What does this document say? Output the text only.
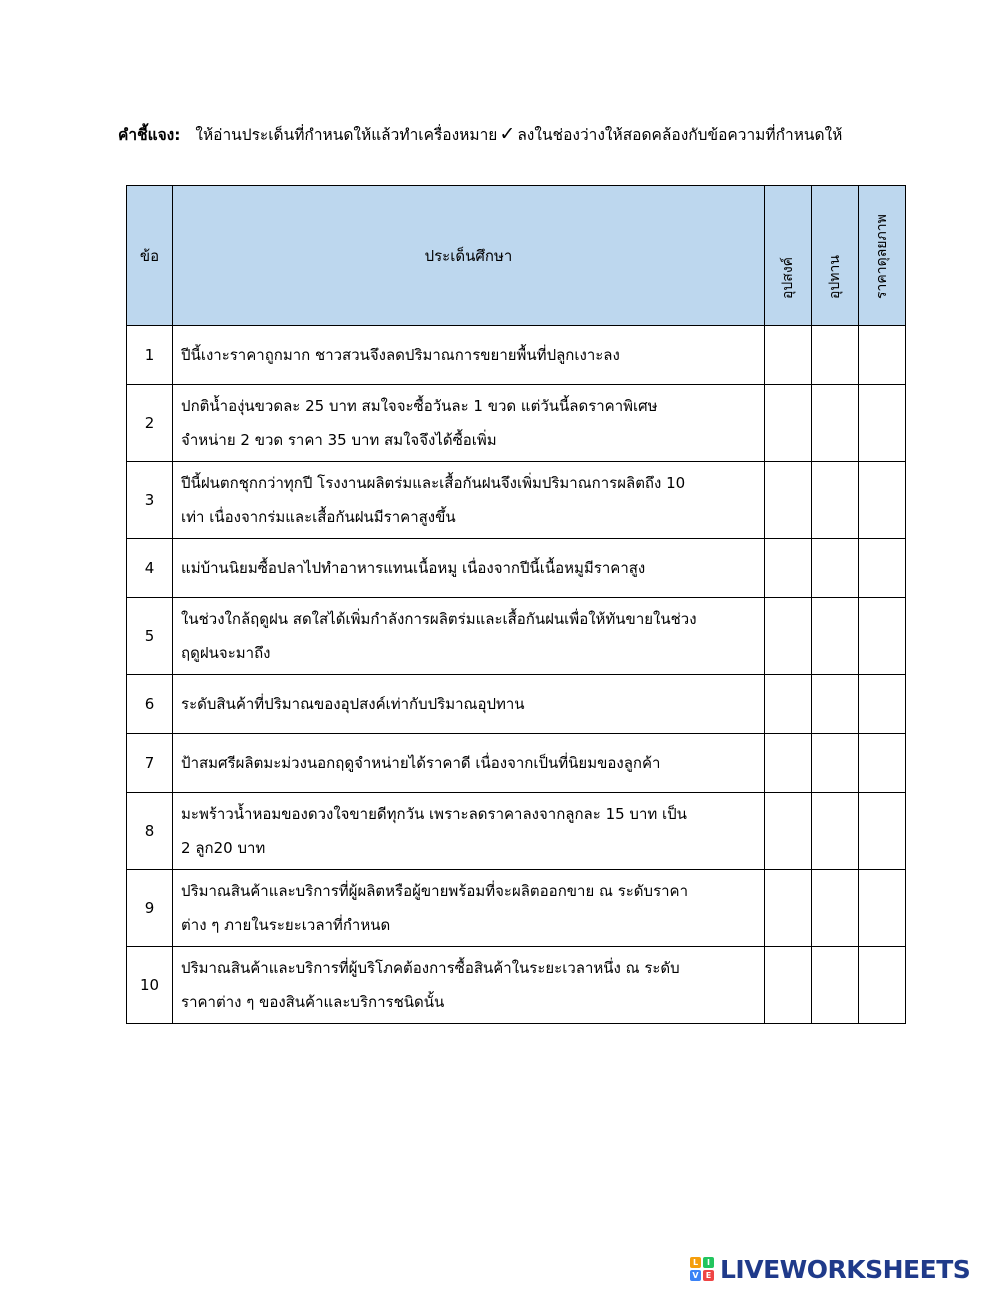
คำชี้แจง: ให้อ่านประเด็นที่กำหนดให้แล้วทำเครื่องหมาย ✓ ลงในช่องว่างให้สอดคล้องกับข้อความที่กำหนดให้
ข้อ	ประเด็นศึกษา	อุปสงค์	อุปทาน	ราคาดุลยภาพ

1	ปีนี้เงาะราคาถูกมาก ชาวสวนจึงลดปริมาณการขยายพื้นที่ปลูกเงาะลง			

2	ปกติน้ำองุ่นขวดละ 25 บาท สมใจจะซื้อวันละ 1 ขวด แต่วันนี้ลดราคาพิเศษ
จำหน่าย 2 ขวด ราคา 35 บาท สมใจจึงได้ซื้อเพิ่ม			

3	ปีนี้ฝนตกชุกกว่าทุกปี โรงงานผลิตร่มและเสื้อกันฝนจึงเพิ่มปริมาณการผลิตถึง 10
เท่า เนื่องจากร่มและเสื้อกันฝนมีราคาสูงขึ้น			

4	แม่บ้านนิยมซื้อปลาไปทำอาหารแทนเนื้อหมู เนื่องจากปีนี้เนื้อหมูมีราคาสูง			

5	ในช่วงใกล้ฤดูฝน สดใสได้เพิ่มกำลังการผลิตร่มและเสื้อกันฝนเพื่อให้ทันขายในช่วง
ฤดูฝนจะมาถึง			

6	ระดับสินค้าที่ปริมาณของอุปสงค์เท่ากับปริมาณอุปทาน			

7	ป้าสมศรีผลิตมะม่วงนอกฤดูจำหน่ายได้ราคาดี เนื่องจากเป็นที่นิยมของลูกค้า			

8	มะพร้าวน้ำหอมของดวงใจขายดีทุกวัน เพราะลดราคาลงจากลูกละ 15 บาท เป็น
2 ลูก20 บาท			

9	ปริมาณสินค้าและบริการที่ผู้ผลิตหรือผู้ขายพร้อมที่จะผลิตออกขาย ณ ระดับราคา
ต่าง ๆ ภายในระยะเวลาที่กำหนด			

10	ปริมาณสินค้าและบริการที่ผู้บริโภคต้องการซื้อสินค้าในระยะเวลาหนึ่ง ณ ระดับ
ราคาต่าง ๆ ของสินค้าและบริการชนิดนั้น			

L	I
V E LIVEWORKSHEETS
